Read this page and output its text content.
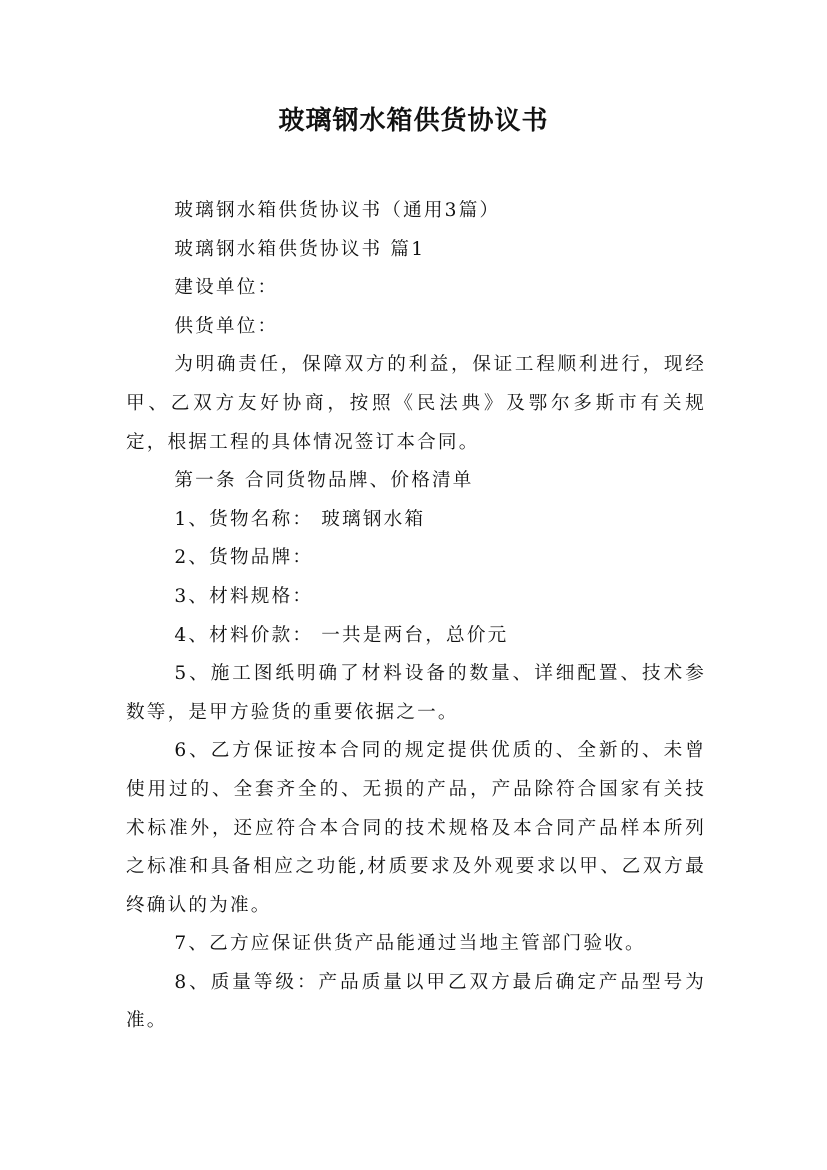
玻璃钢水箱供货协议书

玻璃钢水箱供货协议书（通用3篇）

玻璃钢水箱供货协议书 篇1

建设单位：

供货单位：

为明确责任，保障双方的利益，保证工程顺利进行，现经甲、乙双方友好协商，按照《民法典》及鄂尔多斯市有关规定，根据工程的具体情况签订本合同。

第一条 合同货物品牌、价格清单

1、货物名称： 玻璃钢水箱

2、货物品牌：

3、材料规格：

4、材料价款： 一共是两台，总价元

5、施工图纸明确了材料设备的数量、详细配置、技术参数等，是甲方验货的重要依据之一。

6、乙方保证按本合同的规定提供优质的、全新的、未曾使用过的、全套齐全的、无损的产品，产品除符合国家有关技术标准外，还应符合本合同的技术规格及本合同产品样本所列之标准和具备相应之功能,材质要求及外观要求以甲、乙双方最终确认的为准。

7、乙方应保证供货产品能通过当地主管部门验收。

8、质量等级：产品质量以甲乙双方最后确定产品型号为准。
